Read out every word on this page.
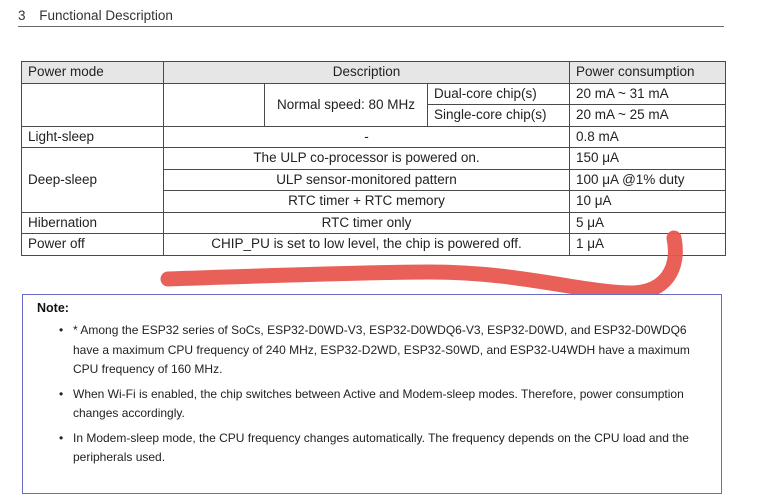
3 Functional Description
Power mode	Description			Power consumption
		Normal speed: 80 MHz	Dual-core chip(s)	20 mA ~ 31 mA
			Single-core chip(s)	20 mA ~ 25 mA
Light-sleep	-			0.8 mA
Deep-sleep	The ULP co-processor is powered on.			150 μA
	ULP sensor-monitored pattern			100 μA @1% duty
	RTC timer + RTC memory			10 μA
Hibernation	RTC timer only			5 μA
Power off	CHIP_PU is set to low level, the chip is powered off.			1 μA
Note:
• * Among the ESP32 series of SoCs, ESP32-D0WD-V3, ESP32-D0WDQ6-V3, ESP32-D0WD, and ESP32-D0WDQ6 have a maximum CPU frequency of 240 MHz, ESP32-D2WD, ESP32-S0WD, and ESP32-U4WDH have a maximum CPU frequency of 160 MHz.
• When Wi-Fi is enabled, the chip switches between Active and Modem-sleep modes. Therefore, power consumption changes accordingly.
• In Modem-sleep mode, the CPU frequency changes automatically. The frequency depends on the CPU load and the peripherals used.
